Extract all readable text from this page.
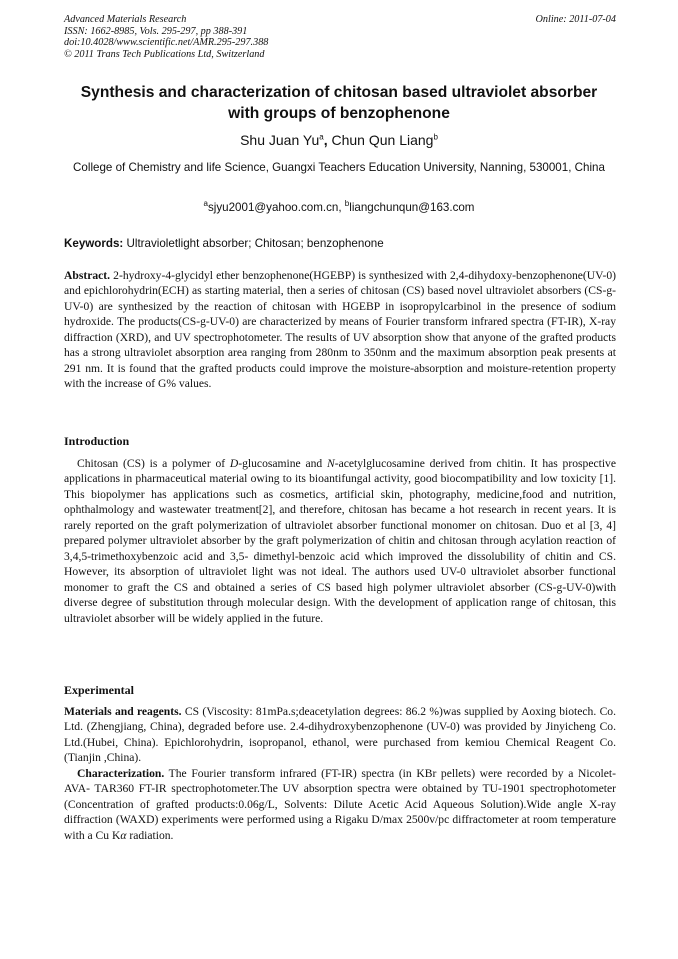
Advanced Materials Research
ISSN: 1662-8985, Vols. 295-297, pp 388-391
doi:10.4028/www.scientific.net/AMR.295-297.388
© 2011 Trans Tech Publications Ltd, Switzerland
Online: 2011-07-04
Synthesis and characterization of chitosan based ultraviolet absorber
with groups of benzophenone
Shu Juan Yu$^a$, Chun Qun Liang$^b$
College of Chemistry and life Science, Guangxi Teachers Education University, Nanning, 530001, China
$^a$sjyu2001@yahoo.com.cn, $^b$liangchunqun@163.com
Keywords: Ultravioletlight absorber; Chitosan; benzophenone
Abstract. 2-hydroxy-4-glycidyl ether benzophenone(HGEBP) is synthesized with 2,4-dihydoxy-benzophenone(UV-0) and epichlorohydrin(ECH) as starting material, then a series of chitosan (CS) based novel ultraviolet absorbers (CS-g-UV-0) are synthesized by the reaction of chitosan with HGEBP in isopropylcarbinol in the presence of sodium hydroxide. The products(CS-g-UV-0) are characterized by means of Fourier transform infrared spectra (FT-IR), X-ray diffraction (XRD), and UV spectrophotometer. The results of UV absorption show that anyone of the grafted products has a strong ultraviolet absorption area ranging from 280nm to 350nm and the maximum absorption peak presents at 291 nm. It is found that the grafted products could improve the moisture-absorption and moisture-retention property with the increase of G% values.
Introduction
Chitosan (CS) is a polymer of D-glucosamine and N-acetylglucosamine derived from chitin. It has prospective applications in pharmaceutical material owing to its bioantifungal activity, good biocompatibility and low toxicity [1]. This biopolymer has applications such as cosmetics, artificial skin, photography, medicine,food and nutrition, ophthalmology and wastewater treatment[2], and therefore, chitosan has became a hot research in recent years. It is rarely reported on the graft polymerization of ultraviolet absorber functional monomer on chitosan. Duo et al [3, 4] prepared polymer ultraviolet absorber by the graft polymerization of chitin and chitosan through acylation reaction of 3,4,5-trimethoxybenzoic acid and 3,5- dimethyl-benzoic acid which improved the dissolubility of chitin and CS. However, its absorption of ultraviolet light was not ideal. The authors used UV-0 ultraviolet absorber functional monomer to graft the CS and obtained a series of CS based high polymer ultraviolet absorber (CS-g-UV-0)with diverse degree of substitution through molecular design. With the development of application range of chitosan, this ultraviolet absorber will be widely applied in the future.
Experimental
Materials and reagents. CS (Viscosity: 81mPa.s;deacetylation degrees: 86.2 %)was supplied by Aoxing biotech. Co. Ltd. (Zhengjiang, China), degraded before use. 2.4-dihydroxybenzophenone (UV-0) was provided by Jinyicheng Co. Ltd.(Hubei, China). Epichlorohydrin, isopropanol, ethanol, were purchased from kemiou Chemical Reagent Co. (Tianjin ,China).
Characterization. The Fourier transform infrared (FT-IR) spectra (in KBr pellets) were recorded by a Nicolet-AVA- TAR360 FT-IR spectrophotometer.The UV absorption spectra were obtained by TU-1901 spectrophotometer (Concentration of grafted products:0.06g/L, Solvents: Dilute Acetic Acid Aqueous Solution).Wide angle X-ray diffraction (WAXD) experiments were performed using a Rigaku D/max 2500v/pc diffractometer at room temperature with a Cu Kα radiation.
